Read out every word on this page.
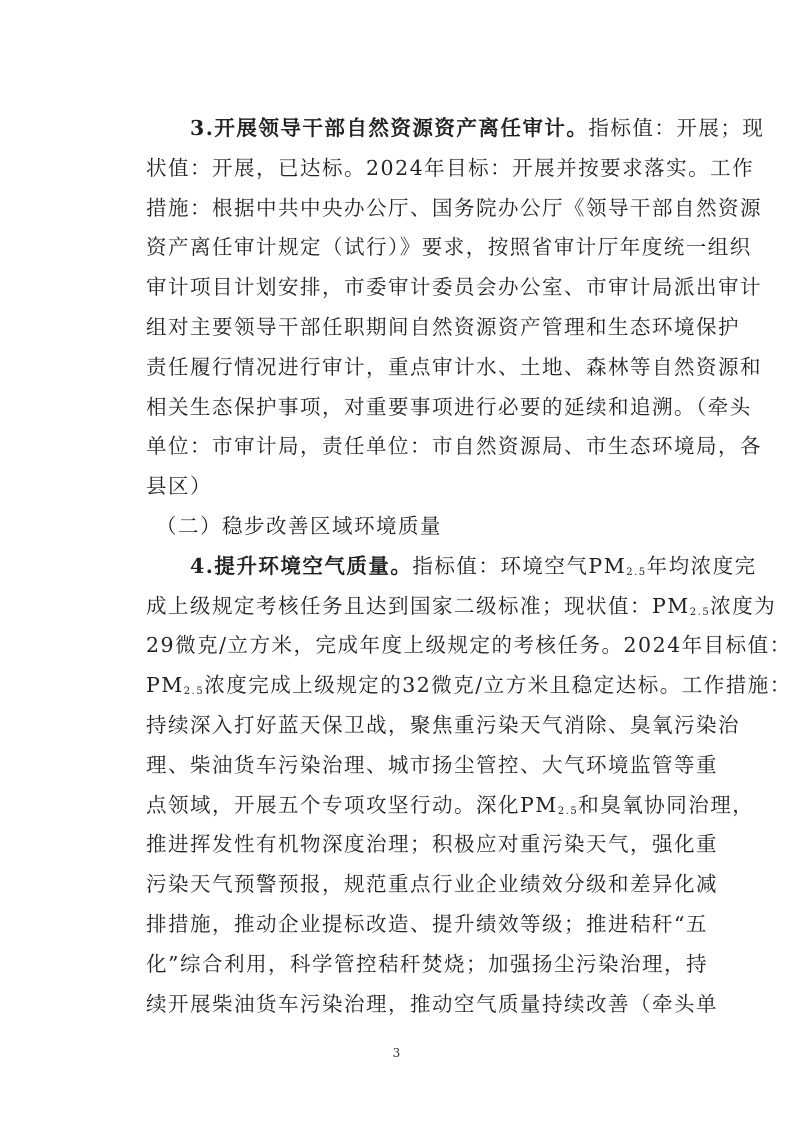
3.开展领导干部自然资源资产离任审计。指标值：开展；现
状值：开展，已达标。2024年目标：开展并按要求落实。工作
措施：根据中共中央办公厅、国务院办公厅《领导干部自然资源
资产离任审计规定（试行）》要求，按照省审计厅年度统一组织
审计项目计划安排，市委审计委员会办公室、市审计局派出审计
组对主要领导干部任职期间自然资源资产管理和生态环境保护
责任履行情况进行审计，重点审计水、土地、森林等自然资源和
相关生态保护事项，对重要事项进行必要的延续和追溯。（牵头
单位：市审计局，责任单位：市自然资源局、市生态环境局，各
县区）
（二）稳步改善区域环境质量
4.提升环境空气质量。指标值：环境空气$PM_{2.5}$年均浓度完
成上级规定考核任务且达到国家二级标准；现状值：$PM_{2.5}$浓度为
29微克/立方米，完成年度上级规定的考核任务。2024年目标值：
$PM_{2.5}$浓度完成上级规定的32微克/立方米且稳定达标。工作措施：
持续深入打好蓝天保卫战，聚焦重污染天气消除、臭氧污染治
理、柴油货车污染治理、城市扬尘管控、大气环境监管等重
点领域，开展五个专项攻坚行动。深化$PM_{2.5}$和臭氧协同治理，
推进挥发性有机物深度治理；积极应对重污染天气，强化重
污染天气预警预报，规范重点行业企业绩效分级和差异化减
排措施，推动企业提标改造、提升绩效等级；推进秸秆“五
化”综合利用，科学管控秸秆焚烧；加强扬尘污染治理，持
续开展柴油货车污染治理，推动空气质量持续改善（牵头单
3
